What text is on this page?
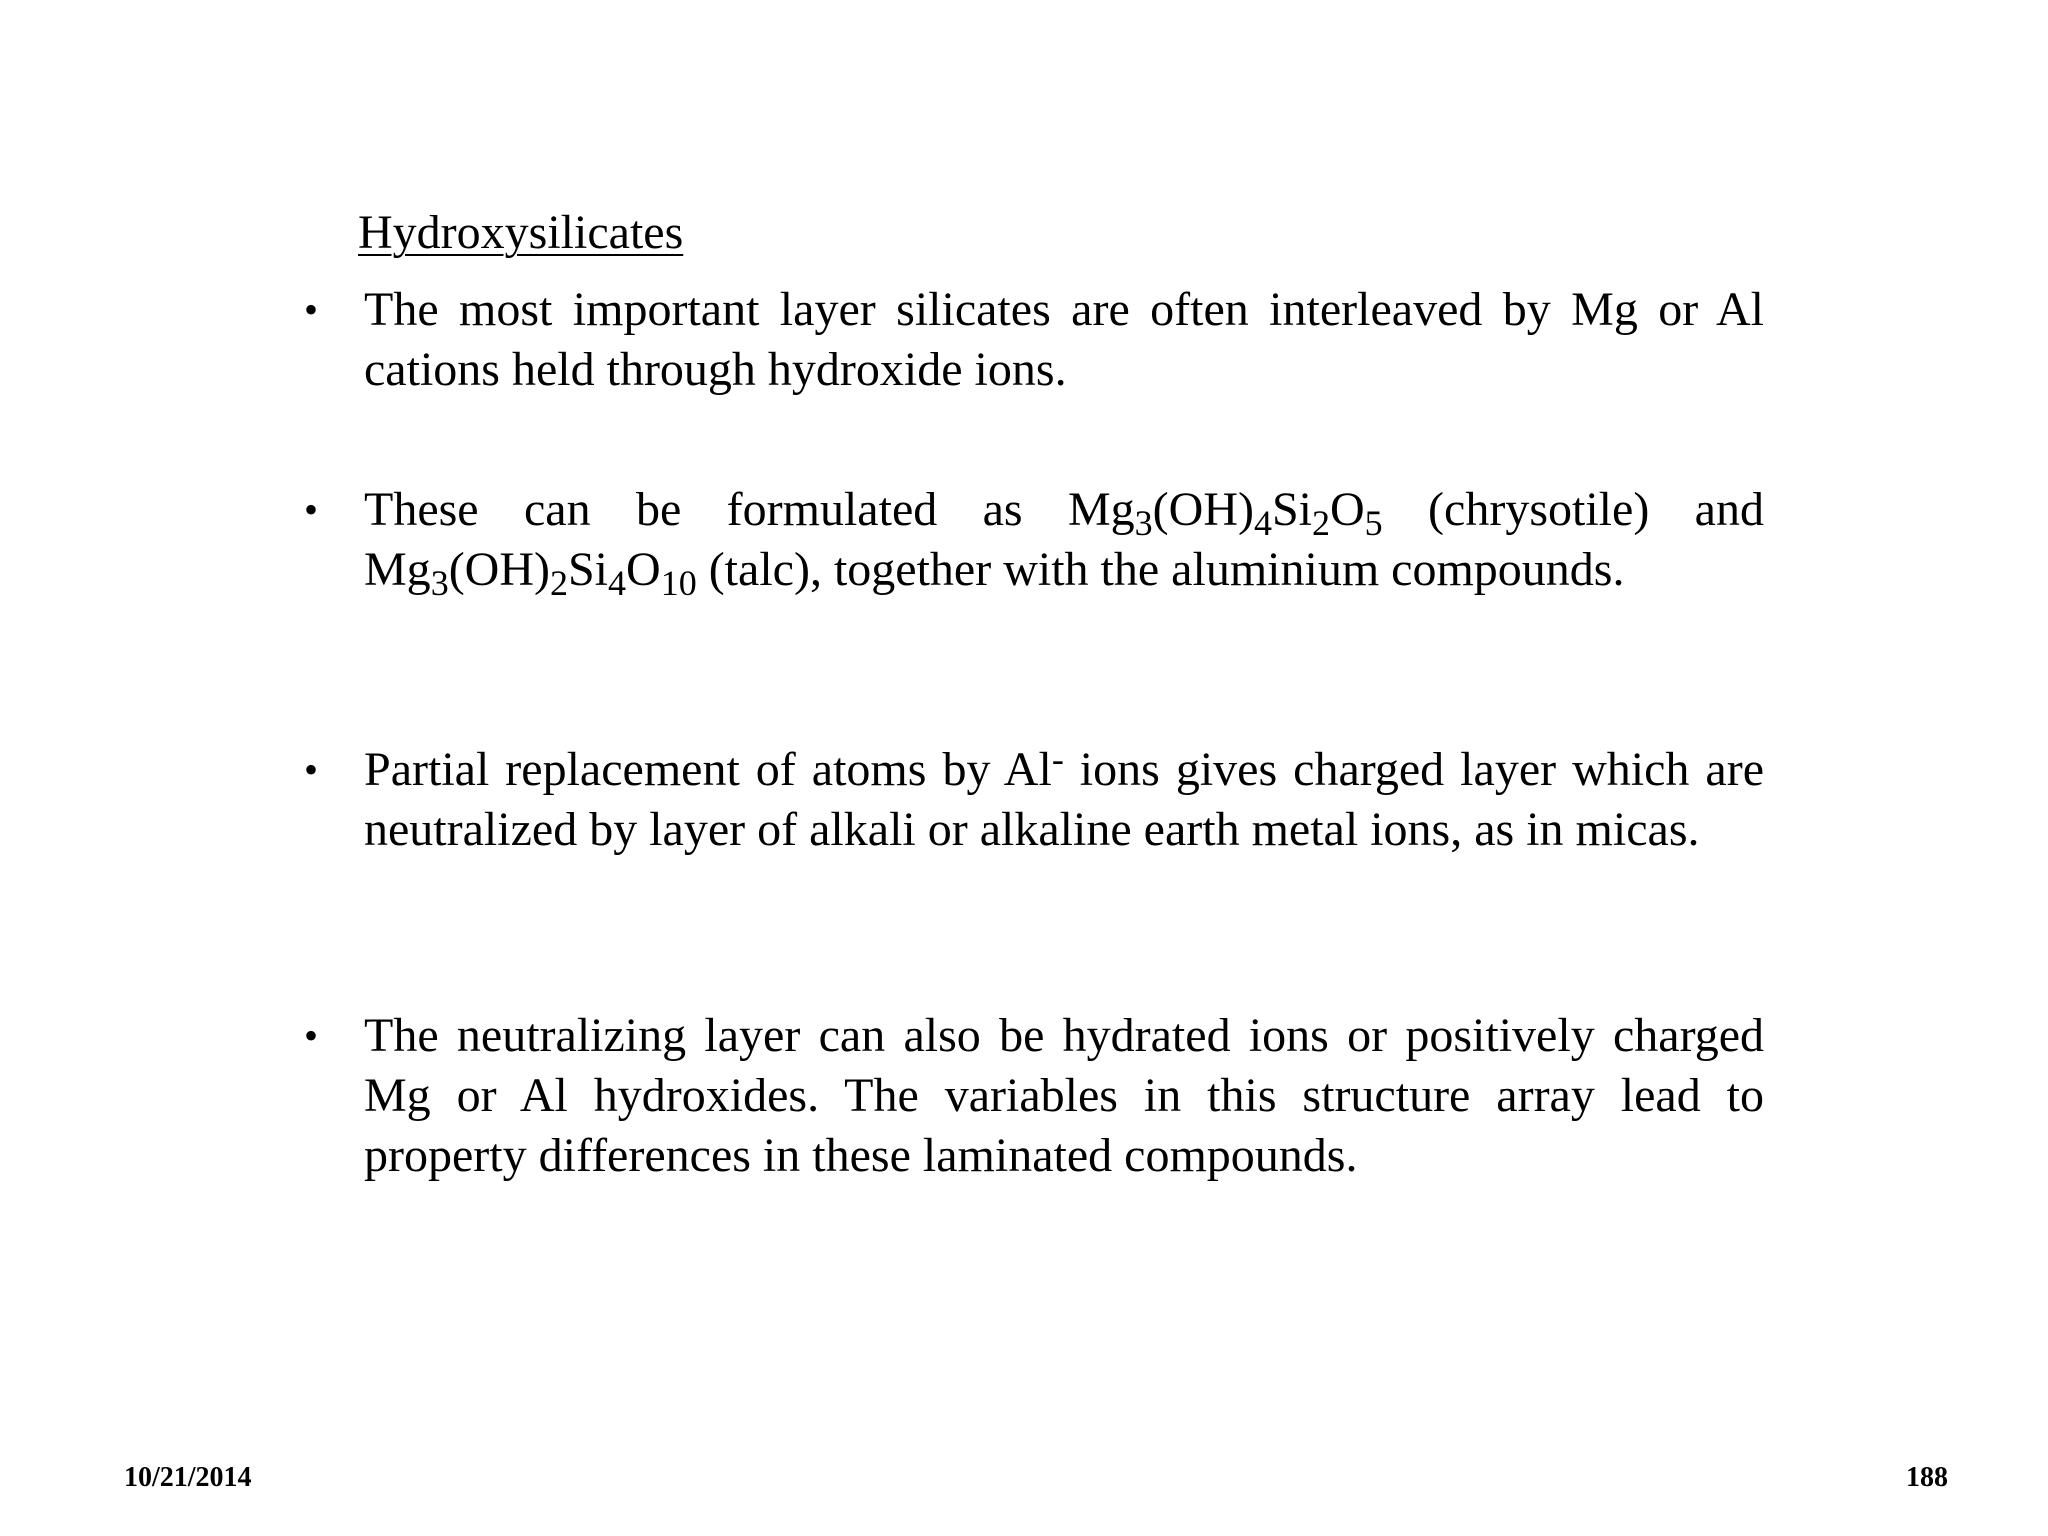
Hydroxysilicates
• The most important layer silicates are often interleaved by Mg or Al cations held through hydroxide ions.
• These can be formulated as $Mg_3(OH)_4Si_2O_5$ (chrysotile) and $Mg_3(OH)_2Si_4O_{10}$ (talc), together with the aluminium compounds.
• Partial replacement of atoms by Al- ions gives charged layer which are neutralized by layer of alkali or alkaline earth metal ions, as in micas.
• The neutralizing layer can also be hydrated ions or positively charged Mg or Al hydroxides. The variables in this structure array lead to property differences in these laminated compounds.
10/21/2014	188
